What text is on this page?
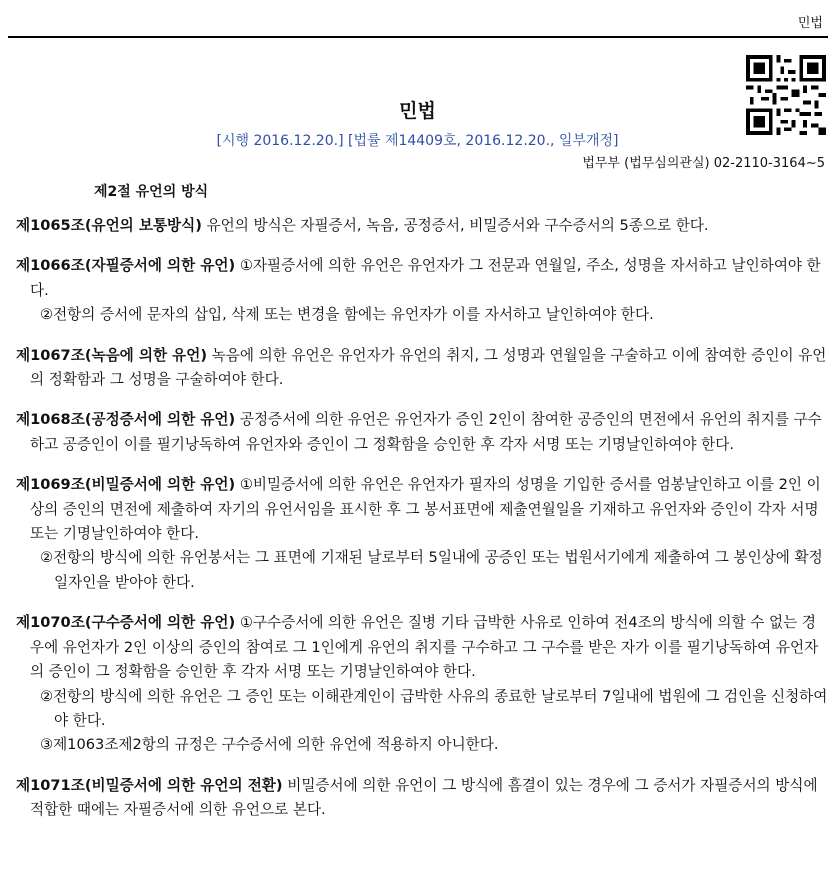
민법
민법
[시행 2016.12.20.] [법률 제14409호, 2016.12.20., 일부개정]
법무부 (법무심의관실) 02-2110-3164~5
제2절 유언의 방식
제1065조(유언의 보통방식) 유언의 방식은 자필증서, 녹음, 공정증서, 비밀증서와 구수증서의 5종으로 한다.
제1066조(자필증서에 의한 유언) ①자필증서에 의한 유언은 유언자가 그 전문과 연월일, 주소, 성명을 자서하고 날인하여야 한다.
②전항의 증서에 문자의 삽입, 삭제 또는 변경을 함에는 유언자가 이를 자서하고 날인하여야 한다.
제1067조(녹음에 의한 유언) 녹음에 의한 유언은 유언자가 유언의 취지, 그 성명과 연월일을 구술하고 이에 참여한 증인이 유언의 정확함과 그 성명을 구술하여야 한다.
제1068조(공정증서에 의한 유언) 공정증서에 의한 유언은 유언자가 증인 2인이 참여한 공증인의 면전에서 유언의 취지를 구수하고 공증인이 이를 필기낭독하여 유언자와 증인이 그 정확함을 승인한 후 각자 서명 또는 기명날인하여야 한다.
제1069조(비밀증서에 의한 유언) ①비밀증서에 의한 유언은 유언자가 필자의 성명을 기입한 증서를 엄봉날인하고 이를 2인 이상의 증인의 면전에 제출하여 자기의 유언서임을 표시한 후 그 봉서표면에 제출연월일을 기재하고 유언자와 증인이 각자 서명 또는 기명날인하여야 한다.
②전항의 방식에 의한 유언봉서는 그 표면에 기재된 날로부터 5일내에 공증인 또는 법원서기에게 제출하여 그 봉인상에 확정일자인을 받아야 한다.
제1070조(구수증서에 의한 유언) ①구수증서에 의한 유언은 질병 기타 급박한 사유로 인하여 전4조의 방식에 의할 수 없는 경우에 유언자가 2인 이상의 증인의 참여로 그 1인에게 유언의 취지를 구수하고 그 구수를 받은 자가 이를 필기낭독하여 유언자의 증인이 그 정확함을 승인한 후 각자 서명 또는 기명날인하여야 한다.
②전항의 방식에 의한 유언은 그 증인 또는 이해관계인이 급박한 사유의 종료한 날로부터 7일내에 법원에 그 검인을 신청하여야 한다.
③제1063조제2항의 규정은 구수증서에 의한 유언에 적용하지 아니한다.
제1071조(비밀증서에 의한 유언의 전환) 비밀증서에 의한 유언이 그 방식에 흠결이 있는 경우에 그 증서가 자필증서의 방식에 적합한 때에는 자필증서에 의한 유언으로 본다.
